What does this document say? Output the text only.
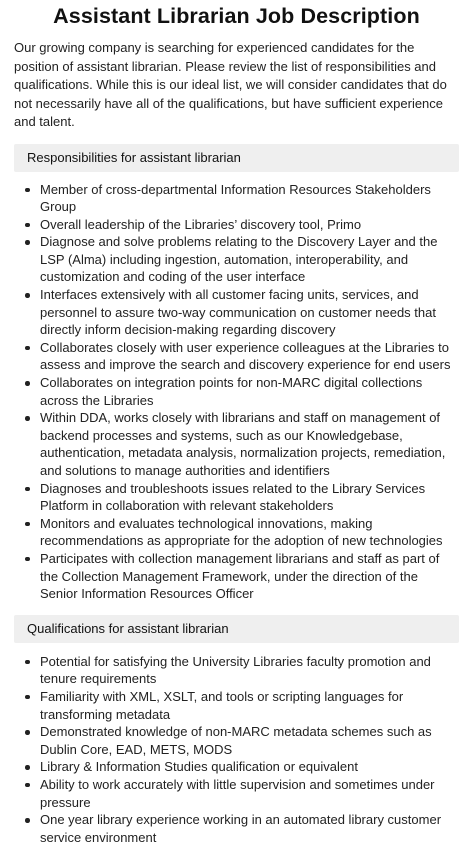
Assistant Librarian Job Description

Our growing company is searching for experienced candidates for the position of assistant librarian. Please review the list of responsibilities and qualifications. While this is our ideal list, we will consider candidates that do not necessarily have all of the qualifications, but have sufficient experience and talent.

Responsibilities for assistant librarian
Member of cross-departmental Information Resources Stakeholders Group
Overall leadership of the Libraries’ discovery tool, Primo
Diagnose and solve problems relating to the Discovery Layer and the LSP (Alma) including ingestion, automation, interoperability, and customization and coding of the user interface
Interfaces extensively with all customer facing units, services, and personnel to assure two-way communication on customer needs that directly inform decision-making regarding discovery
Collaborates closely with user experience colleagues at the Libraries to assess and improve the search and discovery experience for end users
Collaborates on integration points for non-MARC digital collections across the Libraries
Within DDA, works closely with librarians and staff on management of backend processes and systems, such as our Knowledgebase, authentication, metadata analysis, normalization projects, remediation, and solutions to manage authorities and identifiers
Diagnoses and troubleshoots issues related to the Library Services Platform in collaboration with relevant stakeholders
Monitors and evaluates technological innovations, making recommendations as appropriate for the adoption of new technologies
Participates with collection management librarians and staff as part of the Collection Management Framework, under the direction of the Senior Information Resources Officer
Qualifications for assistant librarian
Potential for satisfying the University Libraries faculty promotion and tenure requirements
Familiarity with XML, XSLT, and tools or scripting languages for transforming metadata
Demonstrated knowledge of non-MARC metadata schemes such as Dublin Core, EAD, METS, MODS
Library & Information Studies qualification or equivalent
Ability to work accurately with little supervision and sometimes under pressure
One year library experience working in an automated library customer service environment
